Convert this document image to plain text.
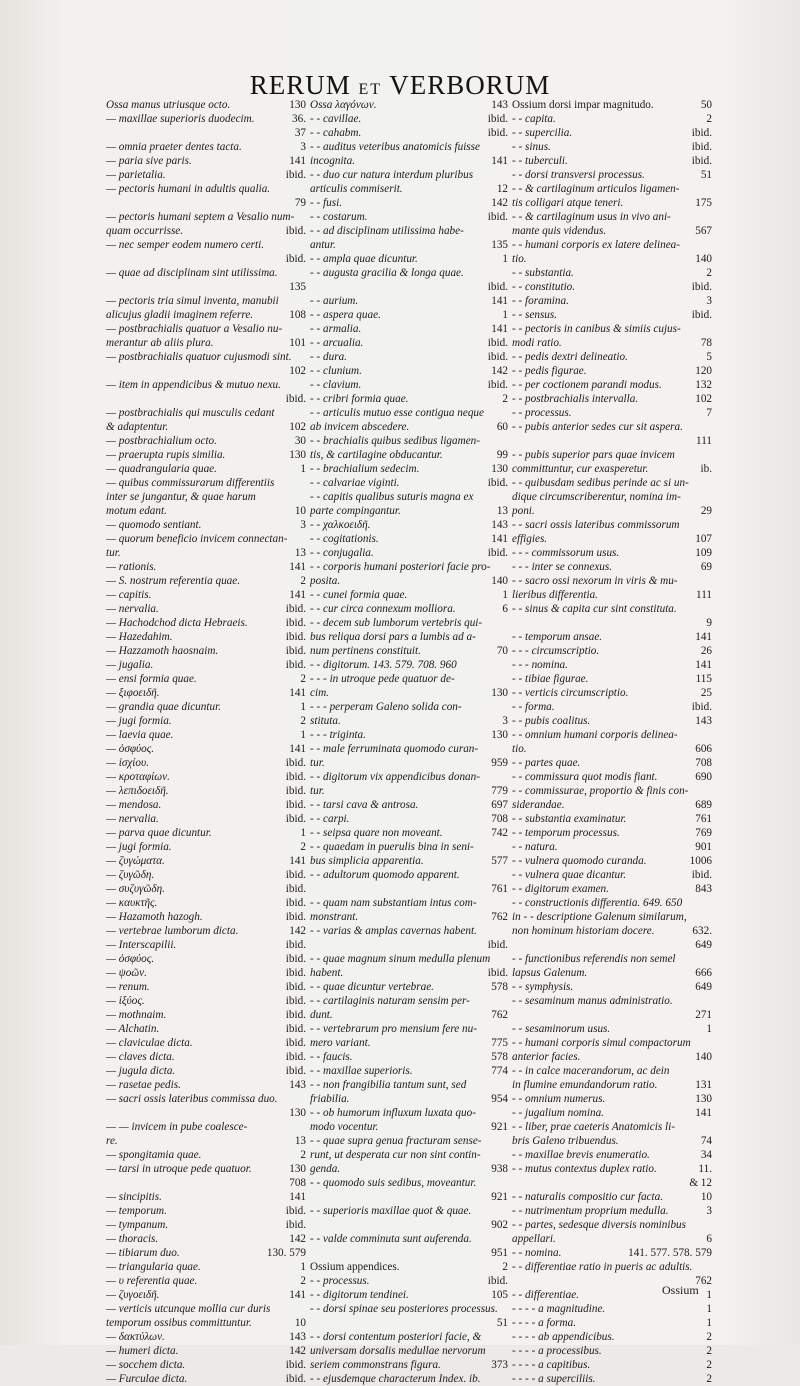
RERUM ET VERBORUM
Ossa manus utriusque octo.	130
— maxillae superioris duodecim.	36.
37
— omnia praeter dentes tacta.	3
— paria sive paris.	141
— parietalia.	ibid.
— pectoris humani in adultis qualia.
79
— pectoris humani septem a Vesalio num-
quam occurrisse.	ibid.
— nec semper eodem numero certi.
ibid.
— quae ad disciplinam sint utilissima.
135
— pectoris tria simul inventa, manubii
alicujus gladii imaginem referre.	108
— postbrachialis quatuor a Vesalio nu-
merantur ab aliis plura.	101
— postbrachialis quatuor cujusmodi sint.
102
— item in appendicibus & mutuo nexu.
ibid.
— postbrachialis qui musculis cedant
& adaptentur.	102
— postbrachialium octo.	30
— praerupta rupis similia.	130
— quadrangularia quae.	1
— quibus commissurarum differentiis
inter se jungantur, & quae harum
motum edant.	10
— quomodo sentiant.	3
— quorum beneficio invicem connectan-
tur.	13
— rationis.	141
— S. nostrum referentia quae.	2
— capitis.	141
— nervalia.	ibid.
— Hachodchod dicta Hebraeis.	ibid.
— Hazedahim.	ibid.
— Hazzamoth haosnaim.	ibid.
— jugalia.	ibid.
— ensi formia quae.	2
— ξιφοειδῆ.	141
— grandia quae dicuntur.	1
— jugi formia.	2
— laevia quae.	1
— ὀσφύος.	141
— ἰσχίου.	ibid.
— κροταφίων.	ibid.
— λεπιδοειδῆ.	ibid.
— mendosa.	ibid.
— nervalia.	ibid.
— parva quae dicuntur.	1
— jugi formia.	2
— ζυγώματα.	141
— ζυγῶδη.	ibid.
— συζυγῶδη.	ibid.
— καυκτῆς.	ibid.
— Hazamoth hazogh.	ibid.
— vertebrae lumborum dicta.	142
— Interscapilii.	ibid.
— ὀσφύος.	ibid.
— ψοῶν.	ibid.
— renum.	ibid.
— ἰξύος.	ibid.
— mothnaim.	ibid.
— Alchatin.	ibid.
— claviculae dicta.	ibid.
— claves dicta.	ibid.
— jugula dicta.	ibid.
— rasetae pedis.	143
— sacri ossis lateribus commissa duo.
130
— — invicem in pube coalesce-
re.	13
— spongitamia quae.	2
— tarsi in utroque pede quatuor.	130
708
— sincipitis.	141
— temporum.	ibid.
— tympanum.	ibid.
— thoracis.	142
— tibiarum duo.	130. 579
— triangularia quae.	1
— υ referentia quae.	2
— ζυγοειδῆ.	141
— verticis utcunque mollia cur duris
temporum ossibus committuntur.	10
— δακτύλων.	143
— humeri dicta.	142
— socchem dicta.	ibid.
— Furculae dicta.	ibid.
Ossa λαγόνων.	143
- - cavillae.	ibid.
- - cahabm.	ibid.
- - auditus veteribus anatomicis fuisse
incognita.	141
- - duo cur natura interdum pluribus
articulis commiserit.	12
- - fusi.	142
- - costarum.	ibid.
- - ad disciplinam utilissima habe-
antur.	135
- - ampla quae dicuntur.	1
- - augusta gracilia & longa quae.
ibid.
- - aurium.	141
- - aspera quae.	1
- - armalia.	141
- - arcualia.	ibid.
- - dura.	ibid.
- - clunium.	142
- - clavium.	ibid.
- - cribri formia quae.	2
- - articulis mutuo esse contigua neque
ab invicem abscedere.	60
- - brachialis quibus sedibus ligamen-
tis, & cartilagine obducantur.	99
- - brachialium sedecim.	130
- - calvariae viginti.	ibid.
- - capitis qualibus suturis magna ex
parte compingantur.	13
- - χαλκοειδῆ.	143
- - cogitationis.	141
- - conjugalia.	ibid.
- - corporis humani posteriori facie pro-
posita.	140
- - cunei formia quae.	1
- - cur circa connexum molliora.	6
- - decem sub lumborum vertebris qui-
bus reliqua dorsi pars a lumbis ad a-
num pertinens constituit.	70
- - digitorum. 143. 579. 708. 960
- - - in utroque pede quatuor de-
cim.	130
- - - perperam Galeno solida con-
stituta.	3
- - - triginta.	130
- - male ferruminata quomodo curan-
tur.	959
- - digitorum vix appendicibus donan-
tur.	779
- - tarsi cava & antrosa.	697
- - carpi.	708
- - seipsa quare non moveant.	742
- - quaedam in puerulis bina in seni-
bus simplicia apparentia.	577
- - adultorum quomodo apparent.
761
- - quam nam substantiam intus com-
monstrant.	762
- - varias & amplas cavernas habent.
ibid.
- - quae magnum sinum medulla plenum
habent.	ibid.
- - quae dicuntur vertebrae.	578
- - cartilaginis naturam sensim per-
dunt.	762
- - vertebrarum pro mensium fere nu-
mero variant.	775
- - faucis.	578
- - maxillae superioris.	774
- - non frangibilia tantum sunt, sed
friabilia.	954
- - ob humorum influxum luxata quo-
modo vocentur.	921
- - quae supra genua fracturam sense-
runt, ut desperata cur non sint contin-
genda.	938
- - quomodo suis sedibus, moveantur.
921
- - superioris maxillae quot & quae.
902
- - valde comminuta sunt auferenda.
951
Ossium appendices.	2
- - processus.	ibid.
- - digitorum tendinei.	105
- - dorsi spinae seu posteriores processus.
51
- - dorsi contentum posteriori facie, &
universam dorsalis medullae nervorum
seriem commonstrans figura.	373
- - ejusdemque characterum Index. ib.
Ossium dorsi impar magnitudo.	50
- - capita.	2
- - supercilia.	ibid.
- - sinus.	ibid.
- - tuberculi.	ibid.
- - dorsi transversi processus.	51
- - & cartilaginum articulos ligamen-
tis colligari atque teneri.	175
- - & cartilaginum usus in vivo ani-
mante quis videndus.	567
- - humani corporis ex latere delinea-
tio.	140
- - substantia.	2
- - constitutio.	ibid.
- - foramina.	3
- - sensus.	ibid.
- - pectoris in canibus & simiis cujus-
modi ratio.	78
- - pedis dextri delineatio.	5
- - pedis figurae.	120
- - per coctionem parandi modus.	132
- - postbrachialis intervalla.	102
- - processus.	7
- - pubis anterior sedes cur sit aspera.
111
- - pubis superior pars quae invicem
committuntur, cur exasperetur.	ib.
- - quibusdam sedibus perinde ac si un-
dique circumscriberentur, nomina im-
poni.	29
- - sacri ossis lateribus commissorum
effigies.	107
- - - commissorum usus.	109
- - - inter se connexus.	69
- - sacro ossi nexorum in viris & mu-
lieribus differentia.	111
- - sinus & capita cur sint constituta.
9
- - temporum ansae.	141
- - - circumscriptio.	26
- - - nomina.	141
- - tibiae figurae.	115
- - verticis circumscriptio.	25
- - forma.	ibid.
- - pubis coalitus.	143
- - omnium humani corporis delinea-
tio.	606
- - partes quae.	708
- - commissura quot modis fiant.	690
- - commissurae, proportio & finis con-
siderandae.	689
- - substantia examinatur.	761
- - temporum processus.	769
- - natura.	901
- - vulnera quomodo curanda.	1006
- - vulnera quae dicantur.	ibid.
- - digitorum examen.	843
- - constructionis differentia. 649. 650
in - - descriptione Galenum similarum,
non hominum historiam docere.	632.
649
- - functionibus referendis non semel
lapsus Galenum.	666
- - symphysis.	649
- - sesaminum manus administratio.
271
- - sesaminorum usus.	1
- - humani corporis simul compactorum
anterior facies.	140
- - in calce macerandorum, ac dein
in flumine emundandorum ratio.	131
- - omnium numerus.	130
- - jugalium nomina.	141
- - liber, prae caeteris Anatomicis li-
bris Galeno tribuendus.	74
- - maxillae brevis enumeratio.	34
- - mutus contextus duplex ratio.	11.
& 12
- - naturalis compositio cur facta.	10
- - nutrimentum proprium medulla.	3
- - partes, sedesque diversis nominibus
appellari.	6
- - nomina.	141. 577. 578. 579
- - differentiae ratio in pueris ac adultis.
762
- - differentiae.	1
- - - - a magnitudine.	1
- - - - a forma.	1
- - - - ab appendicibus.	2
- - - - a processibus.	2
- - - - a capitibus.	2
- - - - a superciliis.	2
Ossium
